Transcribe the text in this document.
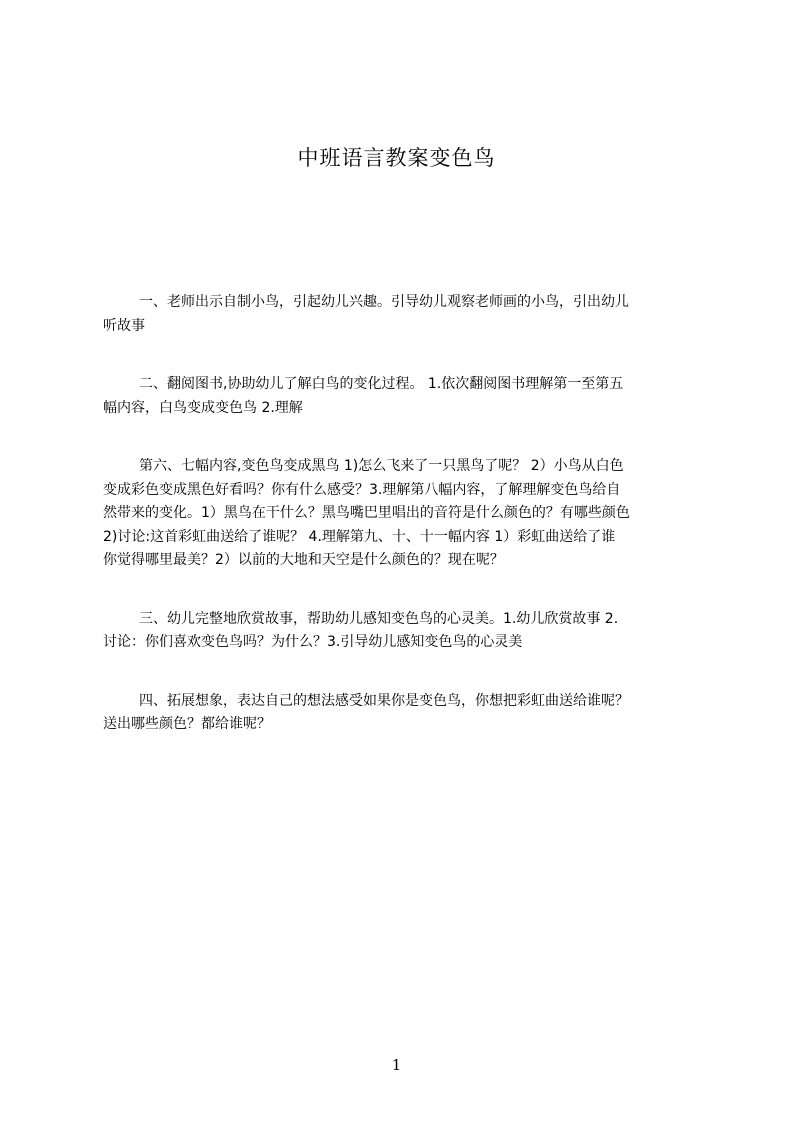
中班语言教案变色鸟
一、老师出示自制小鸟，引起幼儿兴趣。引导幼儿观察老师画的小鸟，引出幼儿
听故事
二、翻阅图书,协助幼儿了解白鸟的变化过程。 1.依次翻阅图书理解第一至第五
幅内容，白鸟变成变色鸟 2.理解
第六、七幅内容,变色鸟变成黑鸟 1)怎么飞来了一只黑鸟了呢？ 2）小鸟从白色
变成彩色变成黑色好看吗？你有什么感受？3.理解第八幅内容，了解理解变色鸟给自
然带来的变化。1）黑鸟在干什么？黑鸟嘴巴里唱出的音符是什么颜色的？有哪些颜色
2)讨论:这首彩虹曲送给了谁呢？ 4.理解第九、十、十一幅内容 1）彩虹曲送给了谁
你觉得哪里最美？2）以前的大地和天空是什么颜色的？现在呢？
三、幼儿完整地欣赏故事，帮助幼儿感知变色鸟的心灵美。1.幼儿欣赏故事 2.
讨论：你们喜欢变色鸟吗？为什么？3.引导幼儿感知变色鸟的心灵美
四、拓展想象，表达自己的想法感受如果你是变色鸟，你想把彩虹曲送给谁呢？
送出哪些颜色？都给谁呢？
1
